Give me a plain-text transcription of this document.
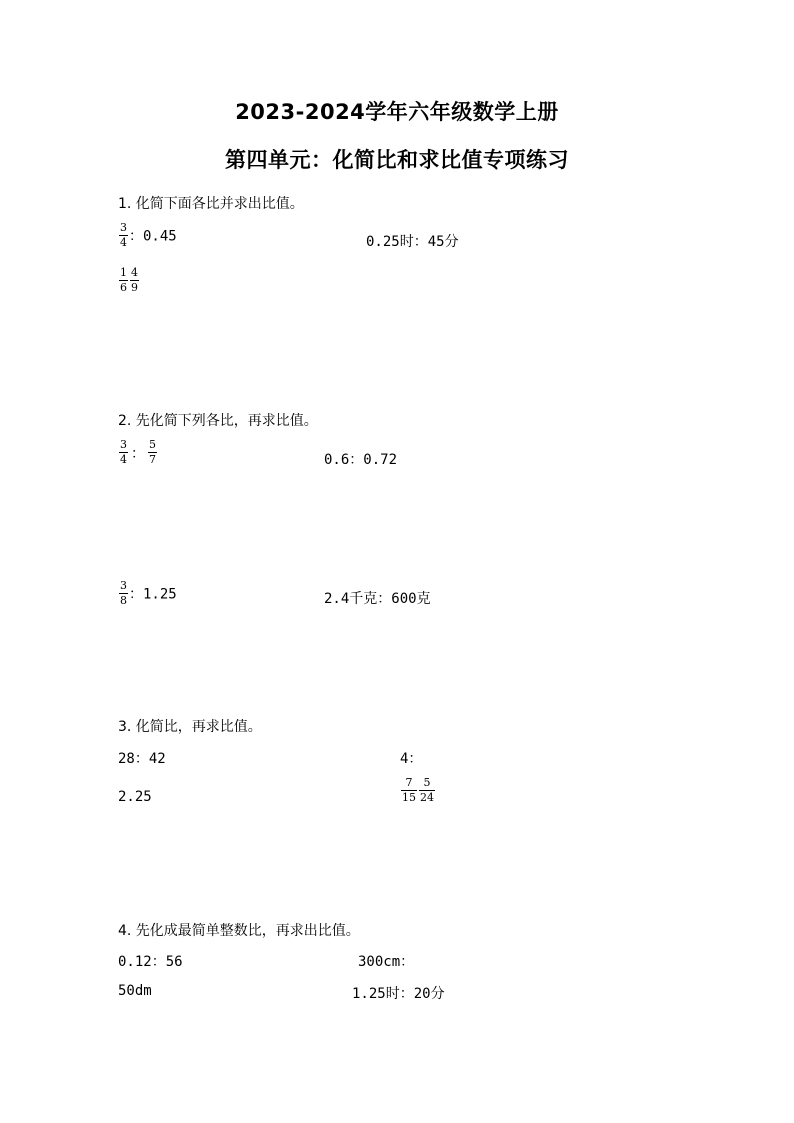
2023-2024学年六年级数学上册
第四单元：化简比和求比值专项练习
1. 化简下面各比并求出比值。
$\frac{3}{4}$ ：0.45	0.25时：45分
$\frac{1}{6} \frac{4}{9}$
2. 先化简下列各比，再求比值。
$\frac{3}{4}$ ： $\frac{5}{7}$	0.6：0.72
$\frac{3}{8}$ ：1.25	2.4千克：600克
3. 化简比，再求比值。
28：42	4：
2.25	$\frac{7}{15} \frac{5}{24}$
4. 先化成最简单整数比，再求出比值。
0.12：56	300cm：
50dm	1.25时：20分
